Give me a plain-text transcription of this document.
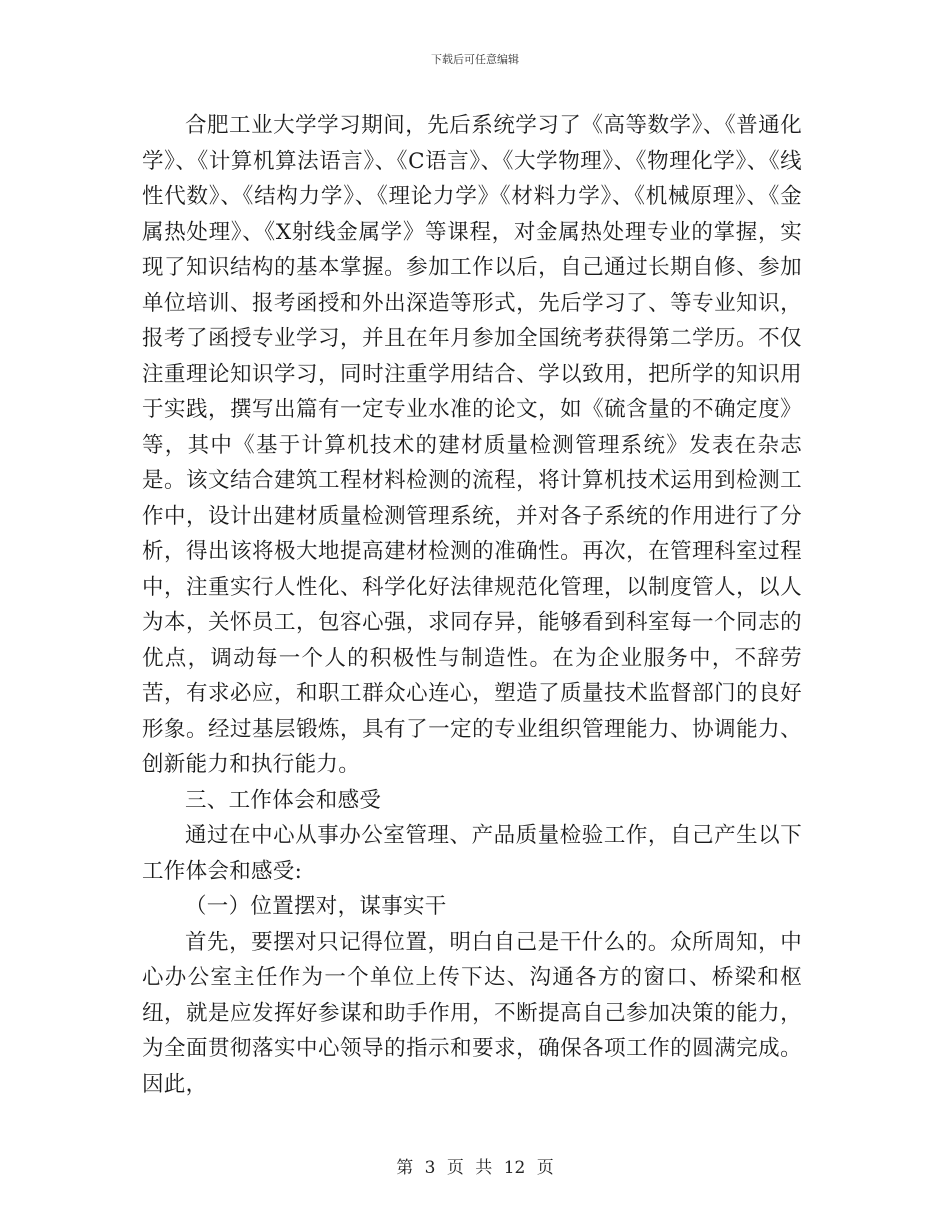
下载后可任意编辑

合肥工业大学学习期间，先后系统学习了《高等数学》、《普通化学》、《计算机算法语言》、《C语言》、《大学物理》、《物理化学》、《线性代数》、《结构力学》、《理论力学》《材料力学》、《机械原理》、《金属热处理》、《X射线金属学》等课程，对金属热处理专业的掌握，实现了知识结构的基本掌握。参加工作以后，自己通过长期自修、参加单位培训、报考函授和外出深造等形式，先后学习了、等专业知识，报考了函授专业学习，并且在年月参加全国统考获得第二学历。不仅注重理论知识学习，同时注重学用结合、学以致用，把所学的知识用于实践，撰写出篇有一定专业水准的论文，如《硫含量的不确定度》等，其中《基于计算机技术的建材质量检测管理系统》发表在杂志是。该文结合建筑工程材料检测的流程，将计算机技术运用到检测工作中，设计出建材质量检测管理系统，并对各子系统的作用进行了分析，得出该将极大地提高建材检测的准确性。再次，在管理科室过程中，注重实行人性化、科学化好法律规范化管理，以制度管人，以人为本，关怀员工，包容心强，求同存异，能够看到科室每一个同志的优点，调动每一个人的积极性与制造性。在为企业服务中，不辞劳苦，有求必应，和职工群众心连心，塑造了质量技术监督部门的良好形象。经过基层锻炼，具有了一定的专业组织管理能力、协调能力、创新能力和执行能力。

三、工作体会和感受

通过在中心从事办公室管理、产品质量检验工作，自己产生以下工作体会和感受:

（一）位置摆对，谋事实干

首先，要摆对只记得位置，明白自己是干什么的。众所周知，中心办公室主任作为一个单位上传下达、沟通各方的窗口、桥梁和枢纽，就是应发挥好参谋和助手作用，不断提高自己参加决策的能力，为全面贯彻落实中心领导的指示和要求，确保各项工作的圆满完成。因此，

第 3 页 共 12 页
